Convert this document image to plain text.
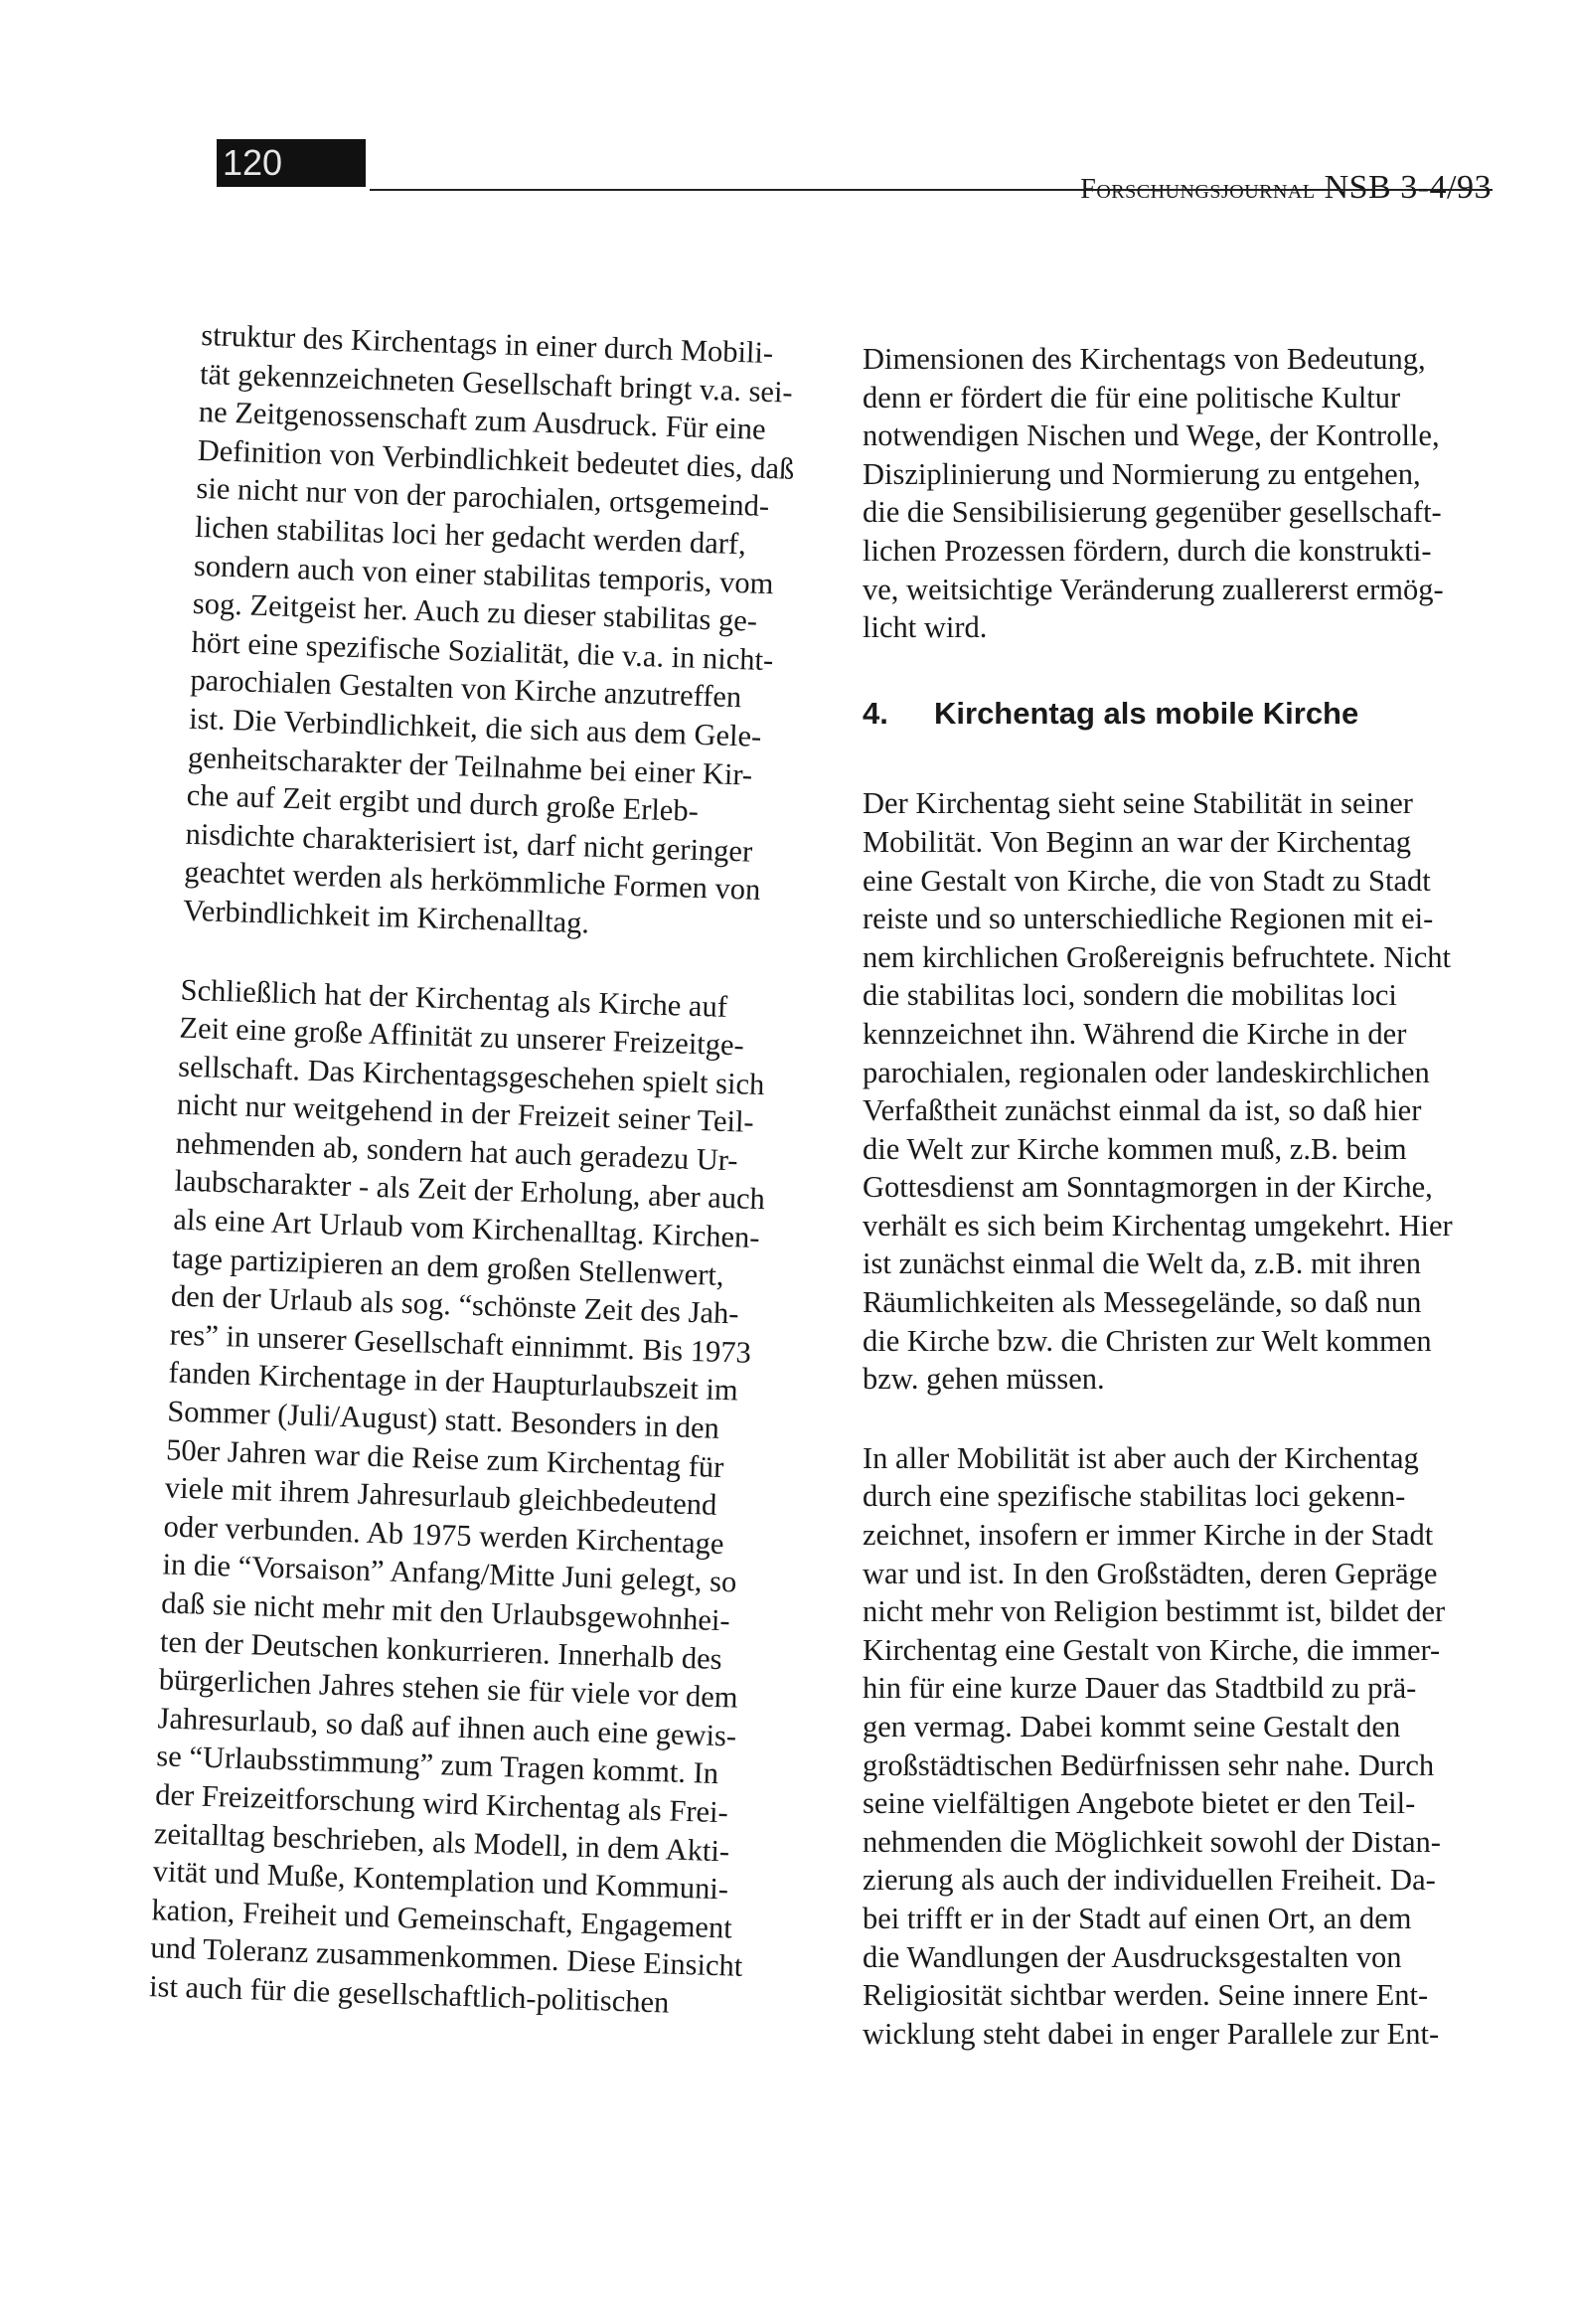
120
Forschungsjournal NSB 3-4/93

struktur des Kirchentags in einer durch Mobili-
tät gekennzeichneten Gesellschaft bringt v.a. sei-
ne Zeitgenossenschaft zum Ausdruck. Für eine
Definition von Verbindlichkeit bedeutet dies, daß
sie nicht nur von der parochialen, ortsgemeind-
lichen stabilitas loci her gedacht werden darf,
sondern auch von einer stabilitas temporis, vom
sog. Zeitgeist her. Auch zu dieser stabilitas ge-
hört eine spezifische Sozialität, die v.a. in nicht-
parochialen Gestalten von Kirche anzutreffen
ist. Die Verbindlichkeit, die sich aus dem Gele-
genheitscharakter der Teilnahme bei einer Kir-
che auf Zeit ergibt und durch große Erleb-
nisdichte charakterisiert ist, darf nicht geringer
geachtet werden als herkömmliche Formen von
Verbindlichkeit im Kirchenalltag.

Schließlich hat der Kirchentag als Kirche auf
Zeit eine große Affinität zu unserer Freizeitge-
sellschaft. Das Kirchentagsgeschehen spielt sich
nicht nur weitgehend in der Freizeit seiner Teil-
nehmenden ab, sondern hat auch geradezu Ur-
laubscharakter - als Zeit der Erholung, aber auch
als eine Art Urlaub vom Kirchenalltag. Kirchen-
tage partizipieren an dem großen Stellenwert,
den der Urlaub als sog. “schönste Zeit des Jah-
res” in unserer Gesellschaft einnimmt. Bis 1973
fanden Kirchentage in der Haupturlaubszeit im
Sommer (Juli/August) statt. Besonders in den
50er Jahren war die Reise zum Kirchentag für
viele mit ihrem Jahresurlaub gleichbedeutend
oder verbunden. Ab 1975 werden Kirchentage
in die “Vorsaison” Anfang/Mitte Juni gelegt, so
daß sie nicht mehr mit den Urlaubsgewohnhei-
ten der Deutschen konkurrieren. Innerhalb des
bürgerlichen Jahres stehen sie für viele vor dem
Jahresurlaub, so daß auf ihnen auch eine gewis-
se “Urlaubsstimmung” zum Tragen kommt. In
der Freizeitforschung wird Kirchentag als Frei-
zeitalltag beschrieben, als Modell, in dem Akti-
vität und Muße, Kontemplation und Kommuni-
kation, Freiheit und Gemeinschaft, Engagement
und Toleranz zusammenkommen. Diese Einsicht
ist auch für die gesellschaftlich-politischen

Dimensionen des Kirchentags von Bedeutung,
denn er fördert die für eine politische Kultur
notwendigen Nischen und Wege, der Kontrolle,
Disziplinierung und Normierung zu entgehen,
die die Sensibilisierung gegenüber gesellschaft-
lichen Prozessen fördern, durch die konstrukti-
ve, weitsichtige Veränderung zuallererst ermög-
licht wird.

4. Kirchentag als mobile Kirche

Der Kirchentag sieht seine Stabilität in seiner
Mobilität. Von Beginn an war der Kirchentag
eine Gestalt von Kirche, die von Stadt zu Stadt
reiste und so unterschiedliche Regionen mit ei-
nem kirchlichen Großereignis befruchtete. Nicht
die stabilitas loci, sondern die mobilitas loci
kennzeichnet ihn. Während die Kirche in der
parochialen, regionalen oder landeskirchlichen
Verfaßtheit zunächst einmal da ist, so daß hier
die Welt zur Kirche kommen muß, z.B. beim
Gottesdienst am Sonntagmorgen in der Kirche,
verhält es sich beim Kirchentag umgekehrt. Hier
ist zunächst einmal die Welt da, z.B. mit ihren
Räumlichkeiten als Messegelände, so daß nun
die Kirche bzw. die Christen zur Welt kommen
bzw. gehen müssen.

In aller Mobilität ist aber auch der Kirchentag
durch eine spezifische stabilitas loci gekenn-
zeichnet, insofern er immer Kirche in der Stadt
war und ist. In den Großstädten, deren Gepräge
nicht mehr von Religion bestimmt ist, bildet der
Kirchentag eine Gestalt von Kirche, die immer-
hin für eine kurze Dauer das Stadtbild zu prä-
gen vermag. Dabei kommt seine Gestalt den
großstädtischen Bedürfnissen sehr nahe. Durch
seine vielfältigen Angebote bietet er den Teil-
nehmenden die Möglichkeit sowohl der Distan-
zierung als auch der individuellen Freiheit. Da-
bei trifft er in der Stadt auf einen Ort, an dem
die Wandlungen der Ausdrucksgestalten von
Religiosität sichtbar werden. Seine innere Ent-
wicklung steht dabei in enger Parallele zur Ent-
